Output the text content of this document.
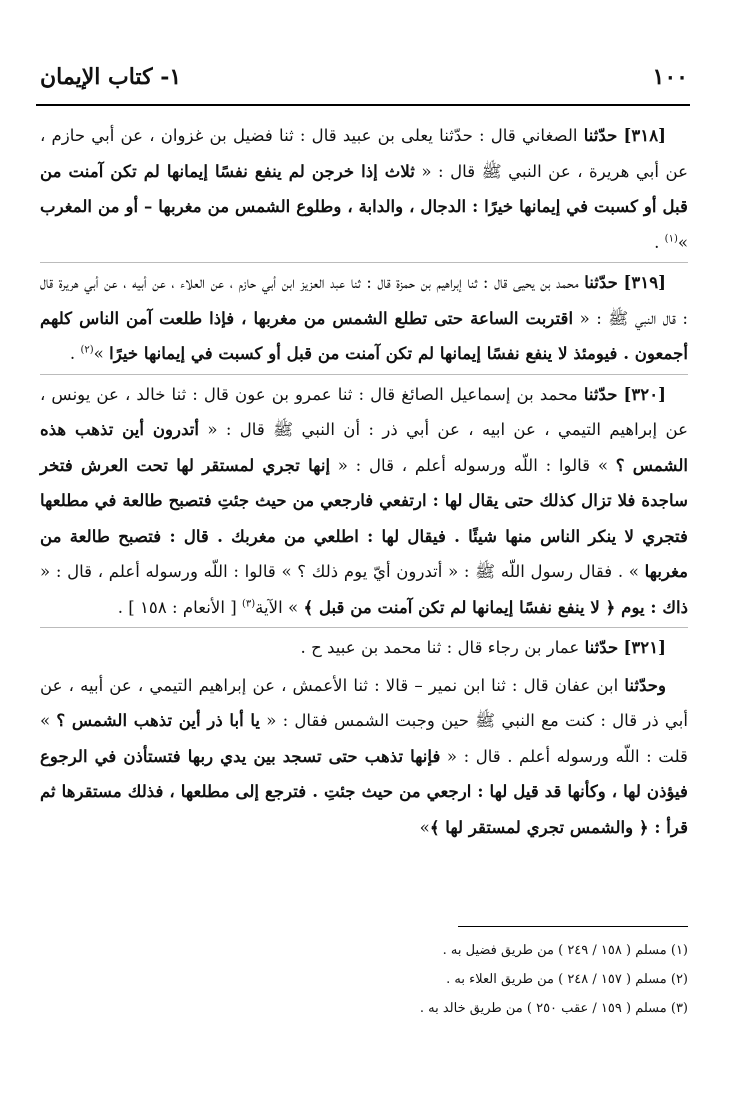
١٠٠
١- كتاب الإيمان

[٣١٨] حدّثنا الصغاني قال : حدّثنا يعلى بن عبيد قال : ثنا فضيل بن غزوان ، عن أبي حازم ، عن أبي هريرة ، عن النبي ﷺ قال : « ثلاث إذا خرجن لم ينفع نفسًا إيمانها لم تكن آمنت من قبل أو كسبت في إيمانها خيرًا : الدجال ، والدابة ، وطلوع الشمس من مغربها – أو من المغرب »$^{(١)}$ .

[٣١٩] حدّثنا محمد بن يحيى قال : ثنا إبراهيم بن حمزة قال : ثنا عبد العزيز ابن أبي حازم ، عن العلاء ، عن أبيه ، عن أبي هريرة قال : قال النبي ﷺ : « اقتربت الساعة حتى تطلع الشمس من مغربها ، فإذا طلعت آمن الناس كلهم أجمعون . فيومئذ لا ينفع نفسًا إيمانها لم تكن آمنت من قبل أو كسبت في إيمانها خيرًا »$^{(٢)}$ .

[٣٢٠] حدّثنا محمد بن إسماعيل الصائغ قال : ثنا عمرو بن عون قال : ثنا خالد ، عن يونس ، عن إبراهيم التيمي ، عن ابيه ، عن أبي ذر : أن النبي ﷺ قال : « أتدرون أين تذهب هذه الشمس ؟ » قالوا : اللّه ورسوله أعلم ، قال : « إنها تجري لمستقر لها تحت العرش فتخر ساجدة فلا تزال كذلك حتى يقال لها : ارتفعي فارجعي من حيث جئتِ فتصبح طالعة في مطلعها فتجري لا ينكر الناس منها شيئًا . فيقال لها : اطلعي من مغربك . قال : فتصبح طالعة من مغربها » . فقال رسول اللّه ﷺ : « أتدرون أيّ يوم ذلك ؟ » قالوا : اللّه ورسوله أعلم ، قال : « ذاك : يوم ﴿ لا ينفع نفسًا إيمانها لم تكن آمنت من قبل ﴾ » الآية$^{(٣)}$ [ الأنعام : ١٥٨ ] .

[٣٢١] حدّثنا عمار بن رجاء قال : ثنا محمد بن عبيد ح .

وحدّثنا ابن عفان قال : ثنا ابن نمير – قالا : ثنا الأعمش ، عن إبراهيم التيمي ، عن أبيه ، عن أبي ذر قال : كنت مع النبي ﷺ حين وجبت الشمس فقال : « يا أبا ذر أين تذهب الشمس ؟ » قلت : اللّه ورسوله أعلم . قال : « فإنها تذهب حتى تسجد بين يدي ربها فتستأذن في الرجوع فيؤذن لها ، وكأنها قد قيل لها : ارجعي من حيث جئتِ . فترجع إلى مطلعها ، فذلك مستقرها ثم قرأ : ﴿ والشمس تجري لمستقر لها ﴾»

(١) مسلم ( ١٥٨ / ٢٤٩ ) من طريق فضيل به .

(٢) مسلم ( ١٥٧ / ٢٤٨ ) من طريق العلاء به .

(٣) مسلم ( ١٥٩ / عقب ٢٥٠ ) من طريق خالد به .
